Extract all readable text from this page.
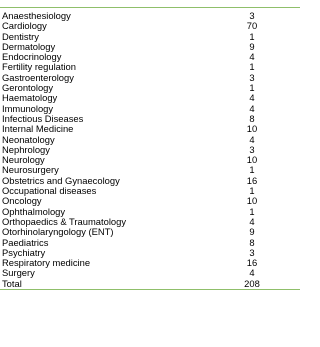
Anaesthesiology	3
Cardiology	70
Dentistry	1
Dermatology	9
Endocrinology	4
Fertility regulation	1
Gastroenterology	3
Gerontology	1
Haematology	4
Immunology	4
Infectious Diseases	8
Internal Medicine	10
Neonatology	4
Nephrology	3
Neurology	10
Neurosurgery	1
Obstetrics and Gynaecology	16
Occupational diseases	1
Oncology	10
Ophthalmology	1
Orthopaedics & Traumatology	4
Otorhinolaryngology (ENT)	9
Paediatrics	8
Psychiatry	3
Respiratory medicine	16
Surgery	4
Total	208
